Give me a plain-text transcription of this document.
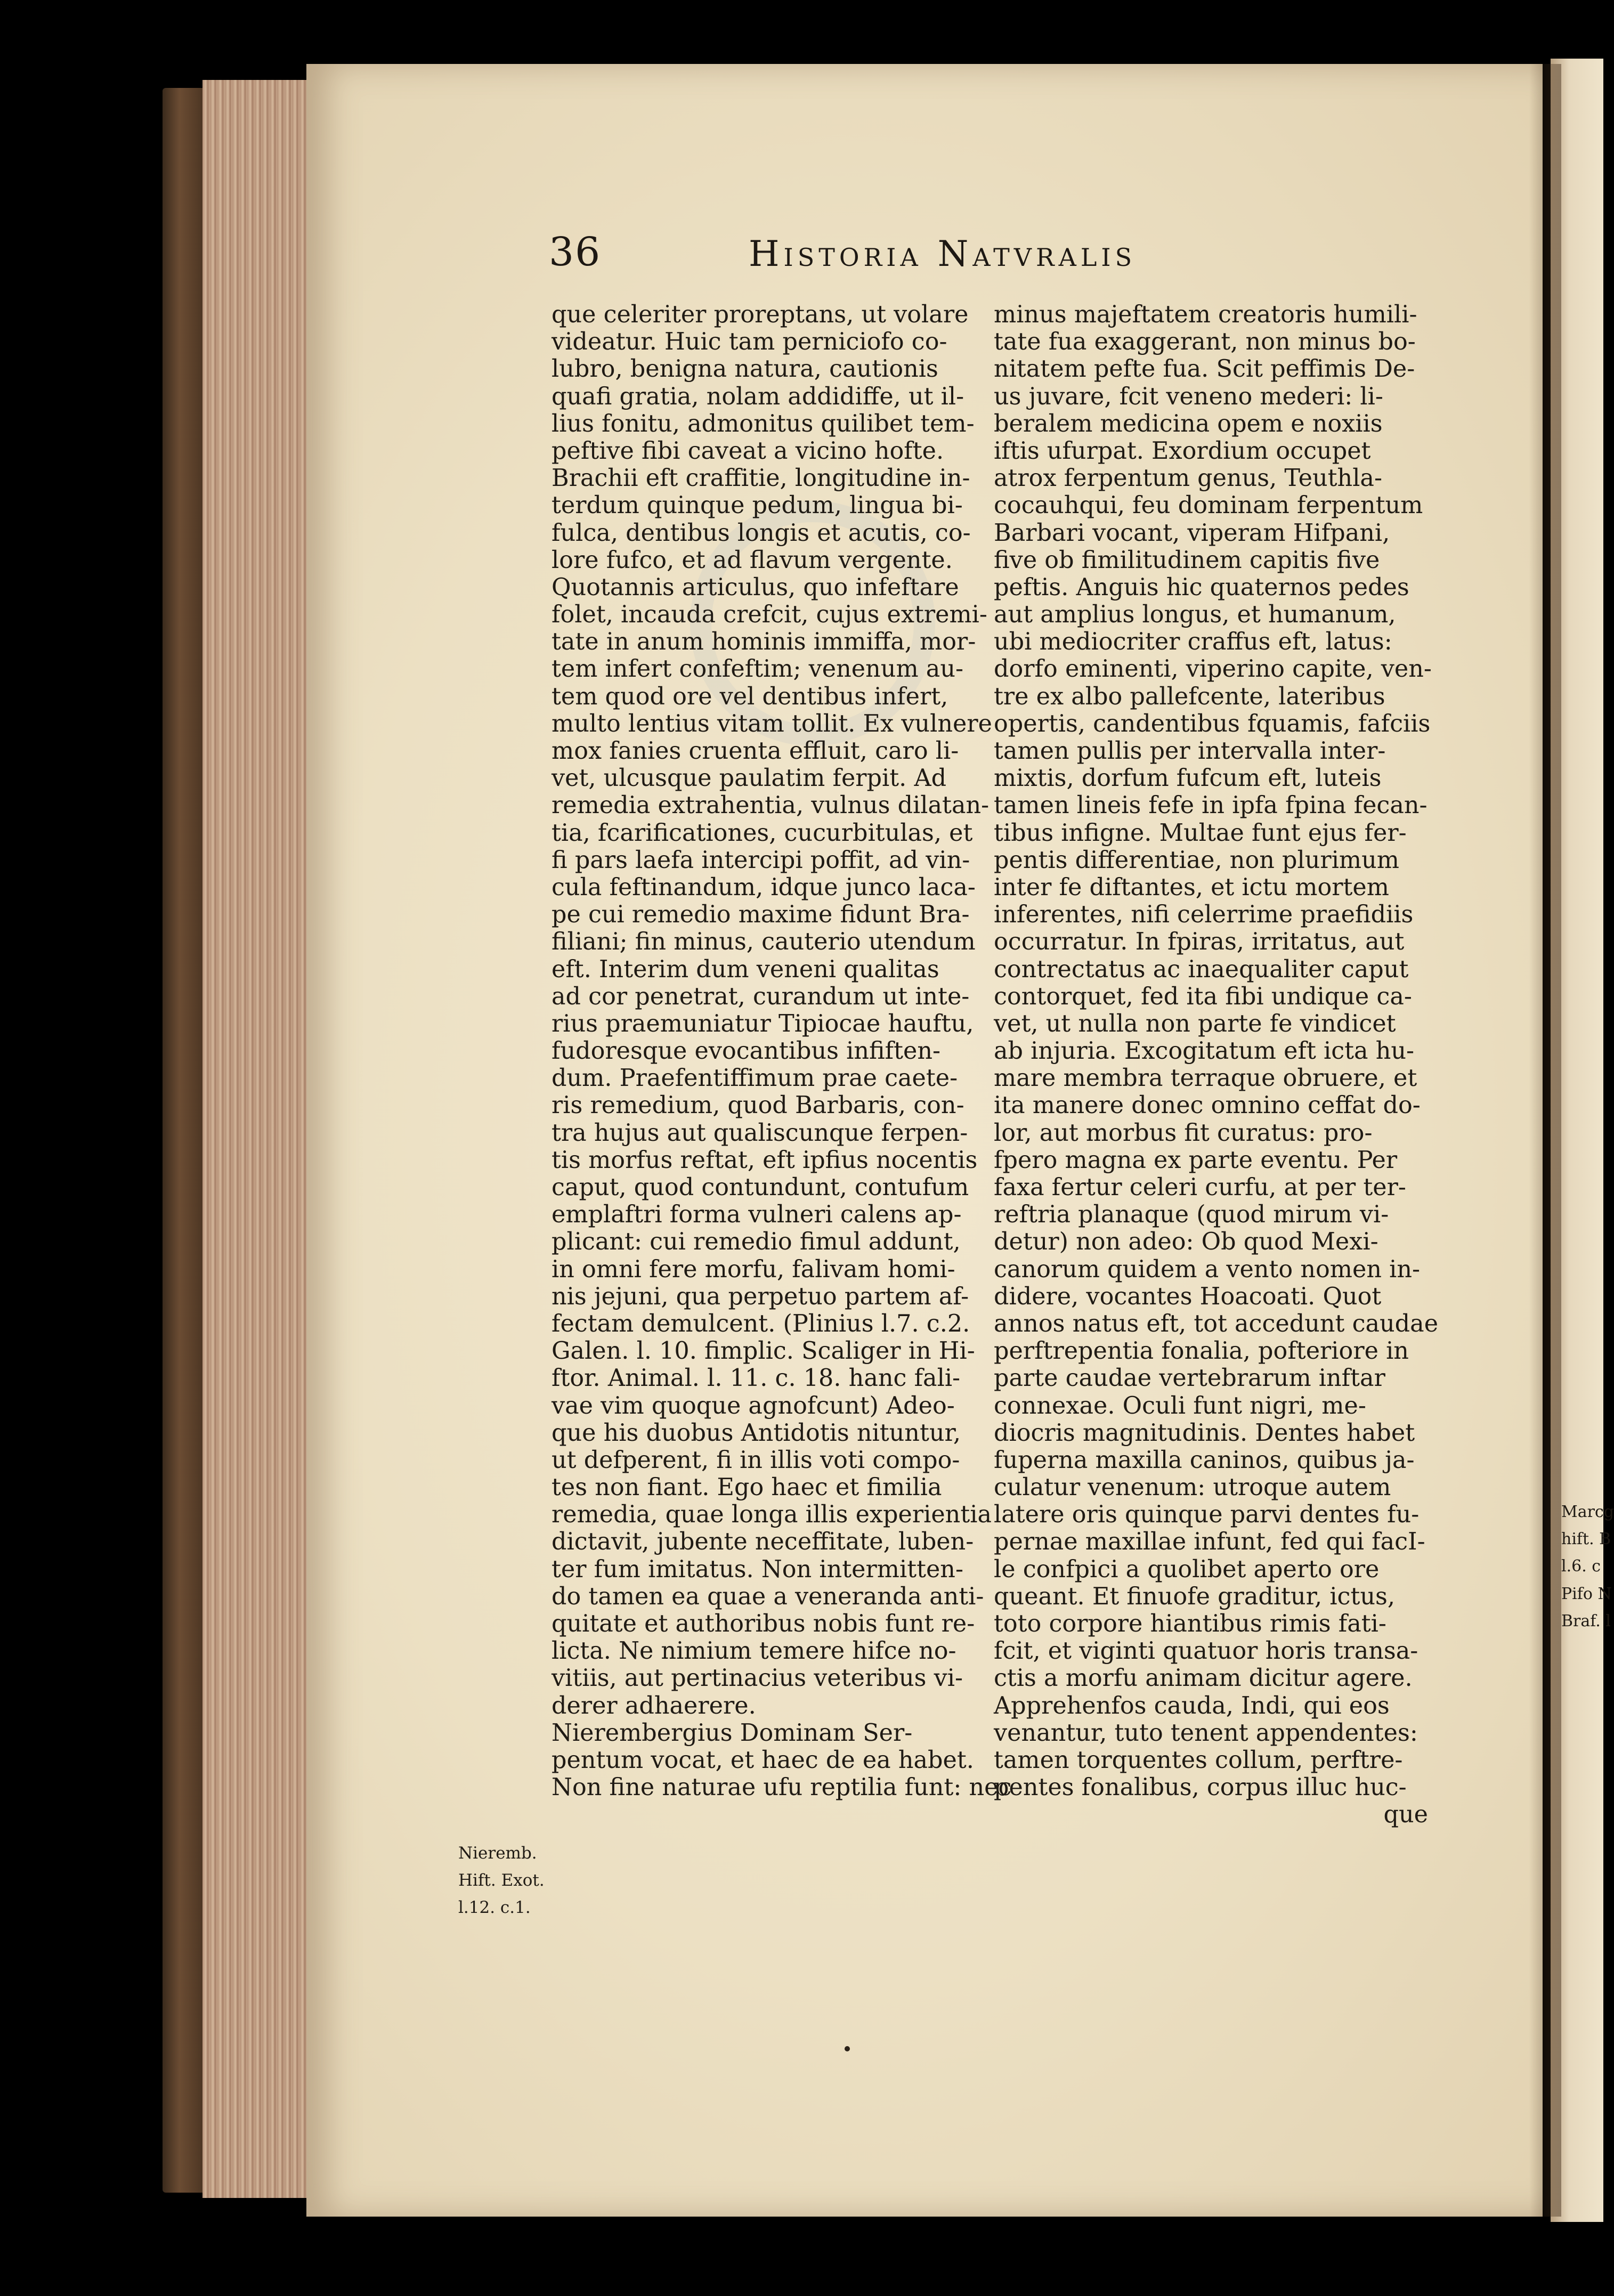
36	Historia Natvralis
que celeriter proreptans, ut volare
videatur. Huic tam perniciofo co-
lubro, benigna natura, cautionis
quafi gratia, nolam addidiffe, ut il-
lius fonitu, admonitus quilibet tem-
peftive fibi caveat a vicino hofte.
Brachii eft craffitie, longitudine in-
terdum quinque pedum, lingua bi-
fulca, dentibus longis et acutis, co-
lore fufco, et ad flavum vergente.
Quotannis articulus, quo infeftare
folet, incauda crefcit, cujus extremi-
tate in anum hominis immiffa, mor-
tem infert confeftim; venenum au-
tem quod ore vel dentibus infert,
multo lentius vitam tollit. Ex vulnere
mox fanies cruenta effluit, caro li-
vet, ulcusque paulatim ferpit. Ad
remedia extrahentia, vulnus dilatan-
tia, fcarificationes, cucurbitulas, et
fi pars laefa intercipi poffit, ad vin-
cula feftinandum, idque junco laca-
pe cui remedio maxime fidunt Bra-
filiani; fin minus, cauterio utendum
eft. Interim dum veneni qualitas
ad cor penetrat, curandum ut inte-
rius praemuniatur Tipiocae hauftu,
fudoresque evocantibus infiften-
dum. Praefentiffimum prae caete-
ris remedium, quod Barbaris, con-
tra hujus aut qualiscunque ferpen-
tis morfus reftat, eft ipfius nocentis
caput, quod contundunt, contufum
emplaftri forma vulneri calens ap-
plicant: cui remedio fimul addunt,
in omni fere morfu, falivam homi-
nis jejuni, qua perpetuo partem af-
fectam demulcent. (Plinius l.7. c.2.
Galen. l. 10. fimplic. Scaliger in Hi-
ftor. Animal. l. 11. c. 18. hanc fali-
vae vim quoque agnofcunt) Adeo-
que his duobus Antidotis nituntur,
ut defperent, fi in illis voti compo-
tes non fiant. Ego haec et fimilia
remedia, quae longa illis experientia
dictavit, jubente neceffitate, luben-
ter fum imitatus. Non intermitten-
do tamen ea quae a veneranda anti-
quitate et authoribus nobis funt re-
licta. Ne nimium temere hifce no-
vitiis, aut pertinacius veteribus vi-
derer adhaerere.
Nierembergius Dominam Ser-
pentum vocat, et haec de ea habet.
Non fine naturae ufu reptilia funt: nec
minus majeftatem creatoris humili-
tate fua exaggerant, non minus bo-
nitatem pefte fua. Scit peffimis De-
us juvare, fcit veneno mederi: li-
beralem medicina opem e noxiis
iftis ufurpat. Exordium occupet
atrox ferpentum genus, Teuthla-
cocauhqui, feu dominam ferpentum
Barbari vocant, viperam Hifpani,
five ob fimilitudinem capitis five
peftis. Anguis hic quaternos pedes
aut amplius longus, et humanum,
ubi mediocriter craffus eft, latus:
dorfo eminenti, viperino capite, ven-
tre ex albo pallefcente, lateribus
opertis, candentibus fquamis, fafciis
tamen pullis per intervalla inter-
mixtis, dorfum fufcum eft, luteis
tamen lineis fefe in ipfa fpina fecan-
tibus infigne. Multae funt ejus fer-
pentis differentiae, non plurimum
inter fe diftantes, et ictu mortem
inferentes, nifi celerrime praefidiis
occurratur. In fpiras, irritatus, aut
contrectatus ac inaequaliter caput
contorquet, fed ita fibi undique ca-
vet, ut nulla non parte fe vindicet
ab injuria. Excogitatum eft icta hu-
mare membra terraque obruere, et
ita manere donec omnino ceffat do-
lor, aut morbus fit curatus: pro-
fpero magna ex parte eventu. Per
faxa fertur celeri curfu, at per ter-
reftria planaque (quod mirum vi-
detur) non adeo: Ob quod Mexi-
canorum quidem a vento nomen in-
didere, vocantes Hoacoati. Quot
annos natus eft, tot accedunt caudae
perftrepentia fonalia, pofteriore in
parte caudae vertebrarum inftar
connexae. Oculi funt nigri, me-
diocris magnitudinis. Dentes habet
fuperna maxilla caninos, quibus ja-
culatur venenum: utroque autem
latere oris quinque parvi dentes fu-
pernae maxillae infunt, fed qui facI-
le confpici a quolibet aperto ore
queant. Et finuofe graditur, ictus,
toto corpore hiantibus rimis fati-
fcit, et viginti quatuor horis transa-
ctis a morfu animam dicitur agere.
Apprehenfos cauda, Indi, qui eos
venantur, tuto tenent appendentes:
tamen torquentes collum, perftre-
pentes fonalibus, corpus illuc huc-
que
Nieremb.
Hift. Exot.
l.12. c.1.
Marcg
hift. B
l.6. c
Pifo N
Braf. l
